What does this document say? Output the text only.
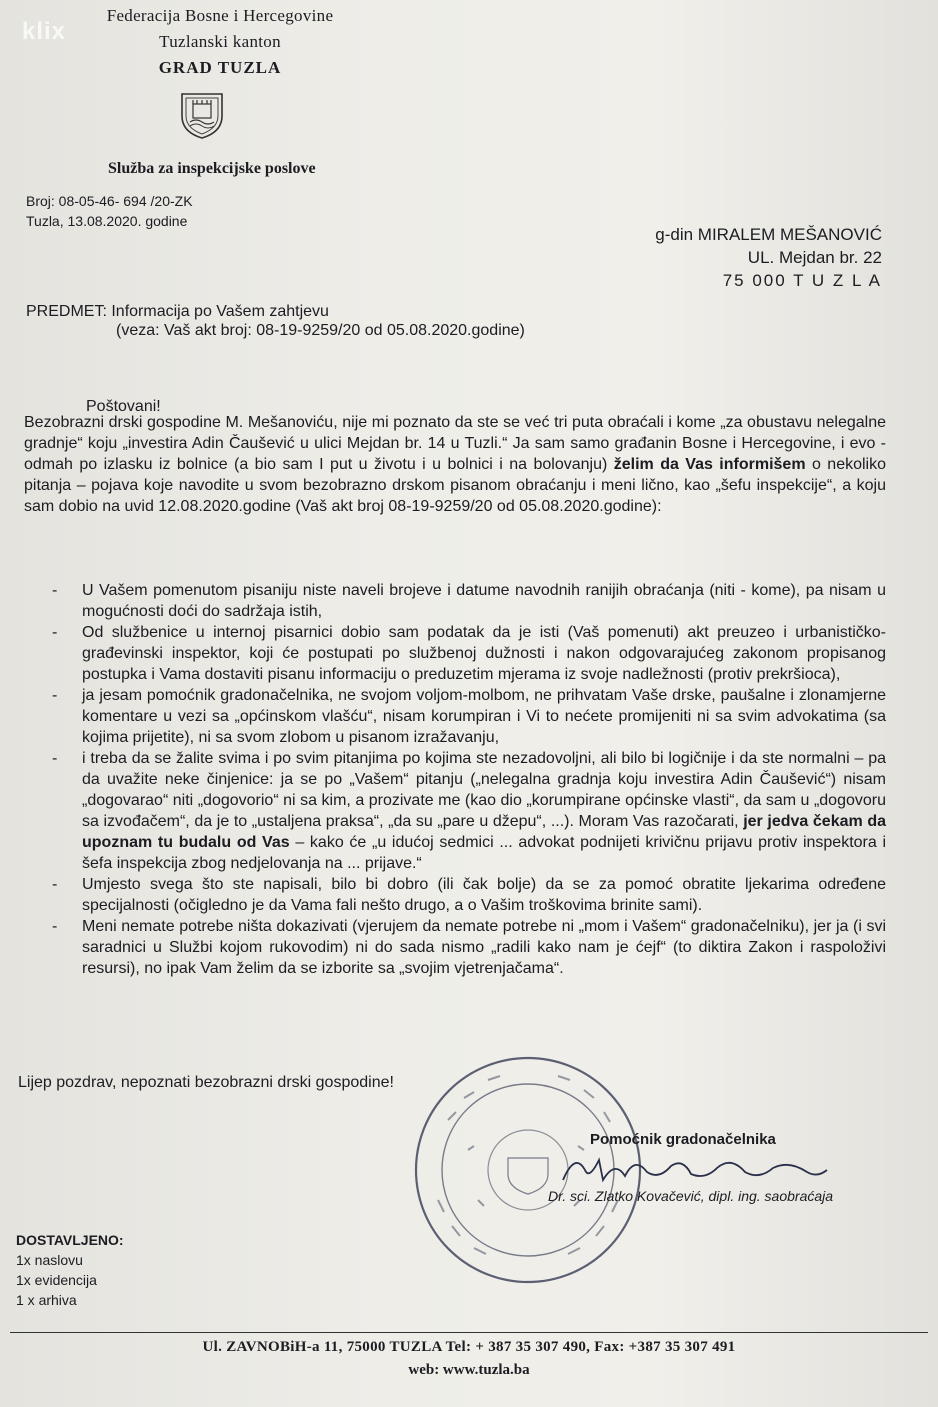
klix
Federacija Bosne i Hercegovine
Tuzlanski kanton
GRAD TUZLA
Služba za inspekcijske poslove
Broj: 08-05-46- 694 /20-ZK
Tuzla, 13.08.2020. godine
g-din MIRALEM MEŠANOVIĆ
UL. Mejdan br. 22
75 000 T U Z L A
PREDMET: Informacija po Vašem zahtjevu
(veza: Vaš akt broj: 08-19-9259/20 od 05.08.2020.godine)
Poštovani!

Bezobrazni drski gospodine M. Mešanoviću, nije mi poznato da ste se već tri puta obraćali i kome „za obustavu nelegalne gradnje“ koju „investira Adin Čaušević u ulici Mejdan br. 14 u Tuzli.“ Ja sam samo građanin Bosne i Hercegovine, i evo - odmah po izlasku iz bolnice (a bio sam I put u životu i u bolnici i na bolovanju) želim da Vas informišem o nekoliko pitanja – pojava koje navodite u svom bezobrazno drskom pisanom obraćanju i meni lično, kao „šefu inspekcije“, a koju sam dobio na uvid 12.08.2020.godine (Vaš akt broj 08-19-9259/20 od 05.08.2020.godine):

- U Vašem pomenutom pisaniju niste naveli brojeve i datume navodnih ranijih obraćanja (niti - kome), pa nisam u mogućnosti doći do sadržaja istih,
- Od službenice u internoj pisarnici dobio sam podatak da je isti (Vaš pomenuti) akt preuzeo i urbanističko-građevinski inspektor, koji će postupati po službenoj dužnosti i nakon odgovarajućeg zakonom propisanog postupka i Vama dostaviti pisanu informaciju o preduzetim mjerama iz svoje nadležnosti (protiv prekršioca),
- ja jesam pomoćnik gradonačelnika, ne svojom voljom-molbom, ne prihvatam Vaše drske, paušalne i zlonamjerne komentare u vezi sa „općinskom vlašću“, nisam korumpiran i Vi to nećete promijeniti ni sa svim advokatima (sa kojima prijetite), ni sa svom zlobom u pisanom izražavanju,
- i treba da se žalite svima i po svim pitanjima po kojima ste nezadovoljni, ali bilo bi logičnije i da ste normalni – pa da uvažite neke činjenice: ja se po „Vašem“ pitanju („nelegalna gradnja koju investira Adin Čaušević“) nisam „dogovarao“ niti „dogovorio“ ni sa kim, a prozivate me (kao dio „korumpirane općinske vlasti“, da sam u „dogovoru sa izvođačem“, da je to „ustaljena praksa“, „da su „pare u džepu“, ...). Moram Vas razočarati, jer jedva čekam da upoznam tu budalu od Vas – kako će „u idućoj sedmici ... advokat podnijeti krivičnu prijavu protiv inspektora i šefa inspekcija zbog nedjelovanja na ... prijave.“
- Umjesto svega što ste napisali, bilo bi dobro (ili čak bolje) da se za pomoć obratite ljekarima određene specijalnosti (očigledno je da Vama fali nešto drugo, a o Vašim troškovima brinite sami).
- Meni nemate potrebe ništa dokazivati (vjerujem da nemate potrebe ni „mom i Vašem“ gradonačelniku), jer ja (i svi saradnici u Službi kojom rukovodim) ni do sada nismo „radili kako nam je ćejf“ (to diktira Zakon i raspoloživi resursi), no ipak Vam želim da se izborite sa „svojim vjetrenjačama“.
Lijep pozdrav, nepoznati bezobrazni drski gospodine!
Pomoćnik gradonačelnika
Dr. sci. Zlatko Kovačević, dipl. ing. saobraćaja
DOSTAVLJENO:
1x naslovu
1x evidencija
1 x arhiva
Ul. ZAVNOBiH-a 11, 75000 TUZLA Tel: + 387 35 307 490, Fax: +387 35 307 491
web: www.tuzla.ba
